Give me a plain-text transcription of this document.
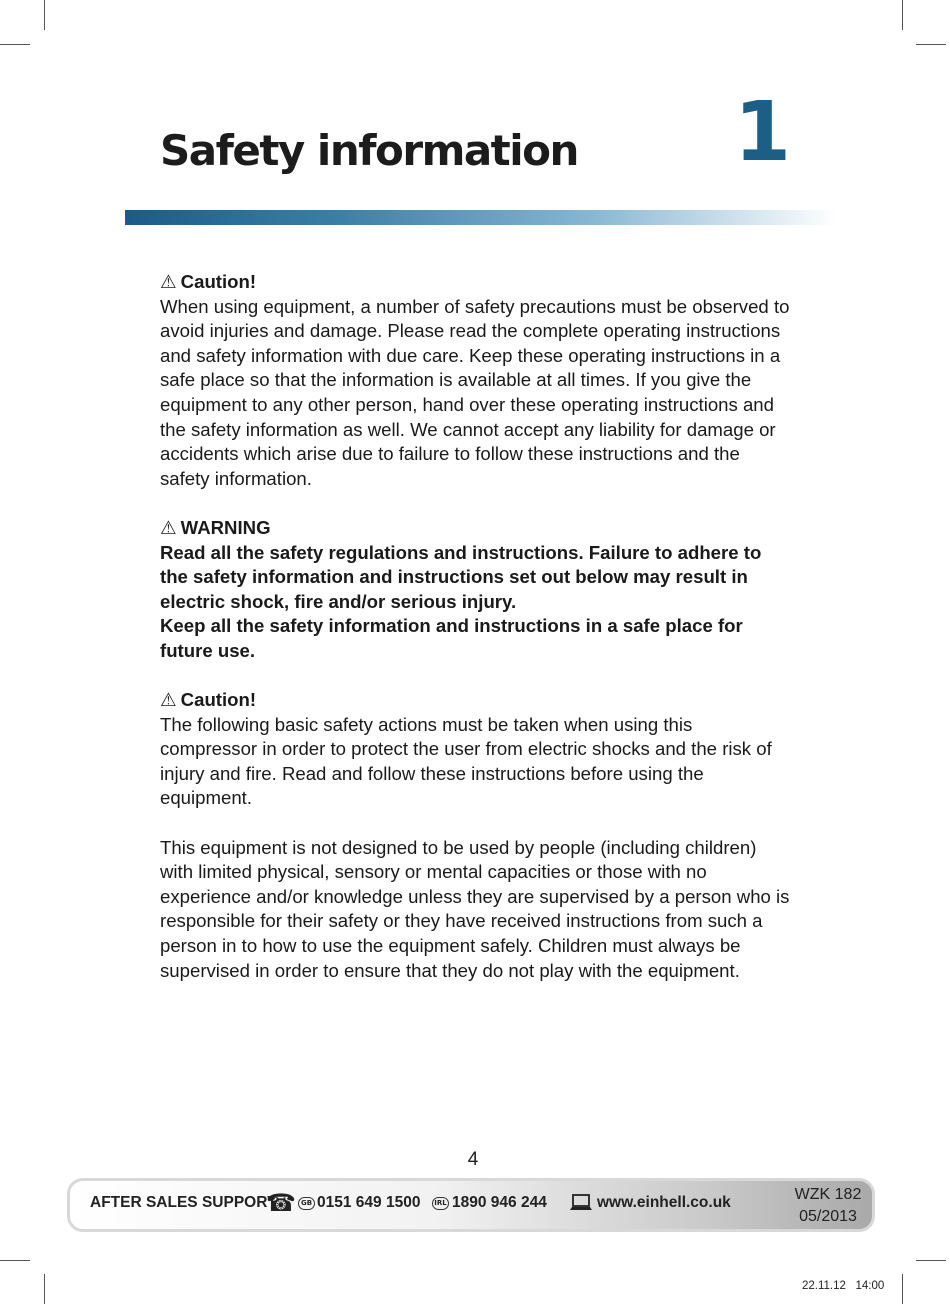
Safety information 1
⚠ Caution!
When using equipment, a number of safety precautions must be observed to avoid injuries and damage. Please read the complete operating instructions and safety information with due care. Keep these operating instructions in a safe place so that the information is available at all times. If you give the equipment to any other person, hand over these operating instructions and the safety information as well. We cannot accept any liability for damage or accidents which arise due to failure to follow these instructions and the safety information.
⚠ WARNING
Read all the safety regulations and instructions. Failure to adhere to the safety information and instructions set out below may result in electric shock, fire and/or serious injury.
Keep all the safety information and instructions in a safe place for future use.
⚠ Caution!
The following basic safety actions must be taken when using this compressor in order to protect the user from electric shocks and the risk of injury and fire. Read and follow these instructions before using the equipment.
This equipment is not designed to be used by people (including children) with limited physical, sensory or mental capacities or those with no experience and/or knowledge unless they are supervised by a person who is responsible for their safety or they have received instructions from such a person in to how to use the equipment safely. Children must always be supervised in order to ensure that they do not play with the equipment.
4
AFTER SALES SUPPORT
☎ GB 0151 649 1500	IRL 1890 946 244	www.einhell.co.uk	WZK 182
05/2013
22.11.12   14:00
